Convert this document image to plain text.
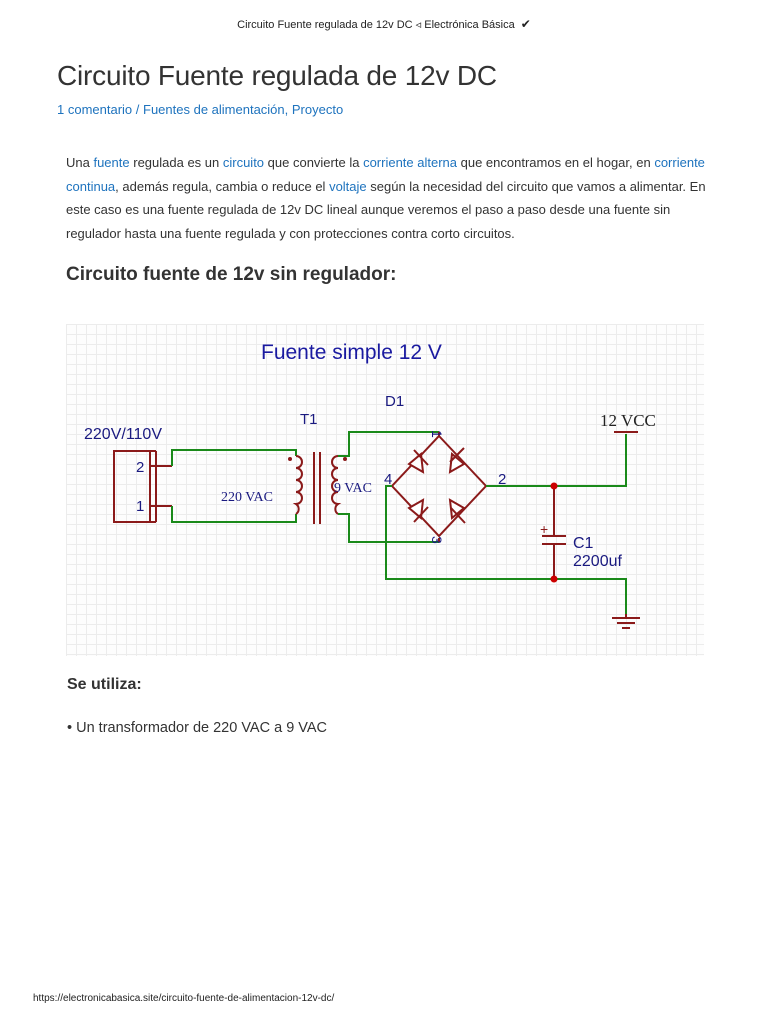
Circuito Fuente regulada de 12v DC ◃ Electrónica Básica ✔
Circuito Fuente regulada de 12v DC
1 comentario / Fuentes de alimentación, Proyecto

Una fuente regulada es un circuito que convierte la corriente alterna que encontramos en el hogar, en corriente continua, además regula, cambia o reduce el voltaje según la necesidad del circuito que vamos a alimentar. En este caso es una fuente regulada de 12v DC lineal aunque veremos el paso a paso desde una fuente sin regulador hasta una fuente regulada y con protecciones contra corto circuitos.

Circuito fuente de 12v sin regulador:
Fuente simple 12 V
220V/110V
2
1
T1
220 VAC
9 VAC
D1
1
4	2
3
12 VCC
+
C1
2200uf
Se utiliza:

• Un transformador de 220 VAC a 9 VAC

https://electronicabasica.site/circuito-fuente-de-alimentacion-12v-dc/
